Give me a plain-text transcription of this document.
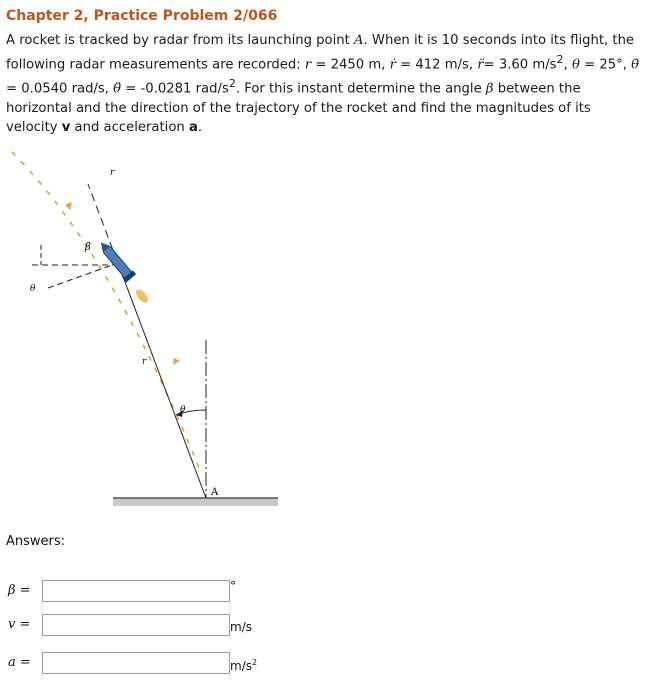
Chapter 2, Practice Problem 2/066
A rocket is tracked by radar from its launching point A. When it is 10 seconds into its flight, the following radar measurements are recorded: r = 2450 m, ṙ = 412 m/s, r̈= 3.60 $m/s^2$, θ = 25°, θ̇ = 0.0540 rad/s, θ̈ = -0.0281 rad/$s^2$. For this instant determine the angle β between the horizontal and the direction of the trajectory of the rocket and find the magnitudes of its velocity v and acceleration a.
r
β
θ
r
θ
A
Answers:
β =	°
v =	m/s
a =	$m/s^2$
